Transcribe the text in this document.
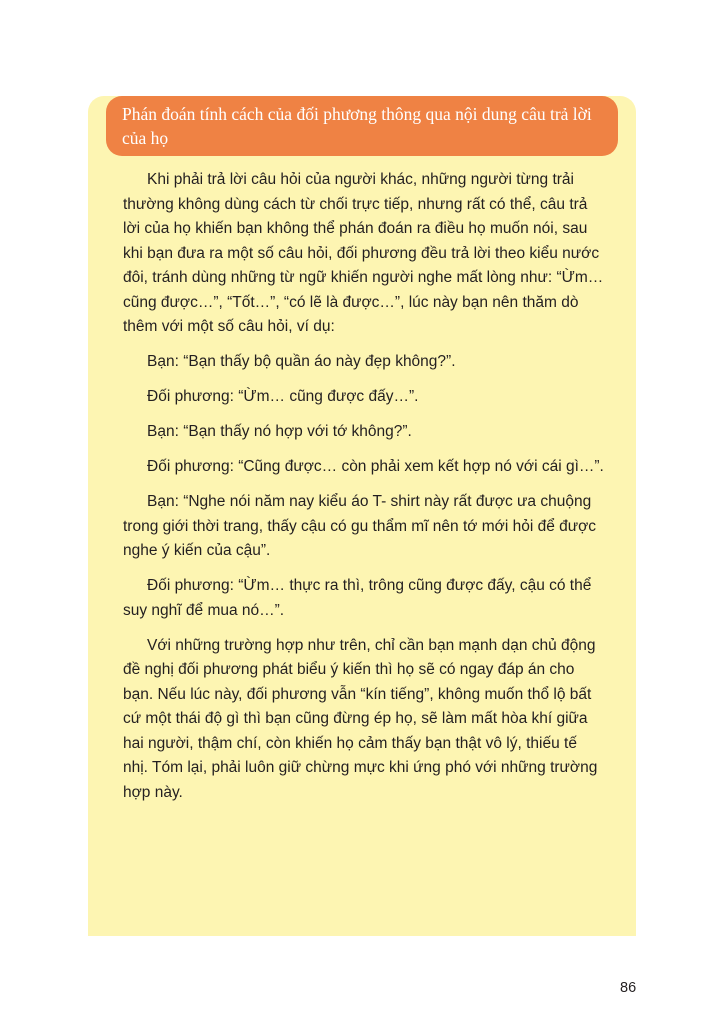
Phán đoán tính cách của đối phương thông qua nội dung câu trả lời của họ

Khi phải trả lời câu hỏi của người khác, những người từng trải thường không dùng cách từ chối trực tiếp, nhưng rất có thể, câu trả lời của họ khiến bạn không thể phán đoán ra điều họ muốn nói, sau khi bạn đưa ra một số câu hỏi, đối phương đều trả lời theo kiểu nước đôi, tránh dùng những từ ngữ khiến người nghe mất lòng như: “Ừm…cũng được…”, “Tốt…”, “có lẽ là được…”, lúc này bạn nên thăm dò thêm với một số câu hỏi, ví dụ:

Bạn: “Bạn thấy bộ quần áo này đẹp không?”.

Đối phương: “Ừm… cũng được đấy…”.

Bạn: “Bạn thấy nó hợp với tớ không?”.

Đối phương: “Cũng được… còn phải xem kết hợp nó với cái gì…”.

Bạn: “Nghe nói năm nay kiểu áo T- shirt này rất được ưa chuộng trong giới thời trang, thấy cậu có gu thẩm mĩ nên tớ mới hỏi để được nghe ý kiến của cậu”.

Đối phương: “Ừm… thực ra thì, trông cũng được đấy, cậu có thể suy nghĩ để mua nó…”.

Với những trường hợp như trên, chỉ cần bạn mạnh dạn chủ động đề nghị đối phương phát biểu ý kiến thì họ sẽ có ngay đáp án cho bạn. Nếu lúc này, đối phương vẫn “kín tiếng”, không muốn thổ lộ bất cứ một thái độ gì thì bạn cũng đừng ép họ, sẽ làm mất hòa khí giữa hai người, thậm chí, còn khiến họ cảm thấy bạn thật vô lý, thiếu tế nhị. Tóm lại, phải luôn giữ chừng mực khi ứng phó với những trường hợp này.

86
